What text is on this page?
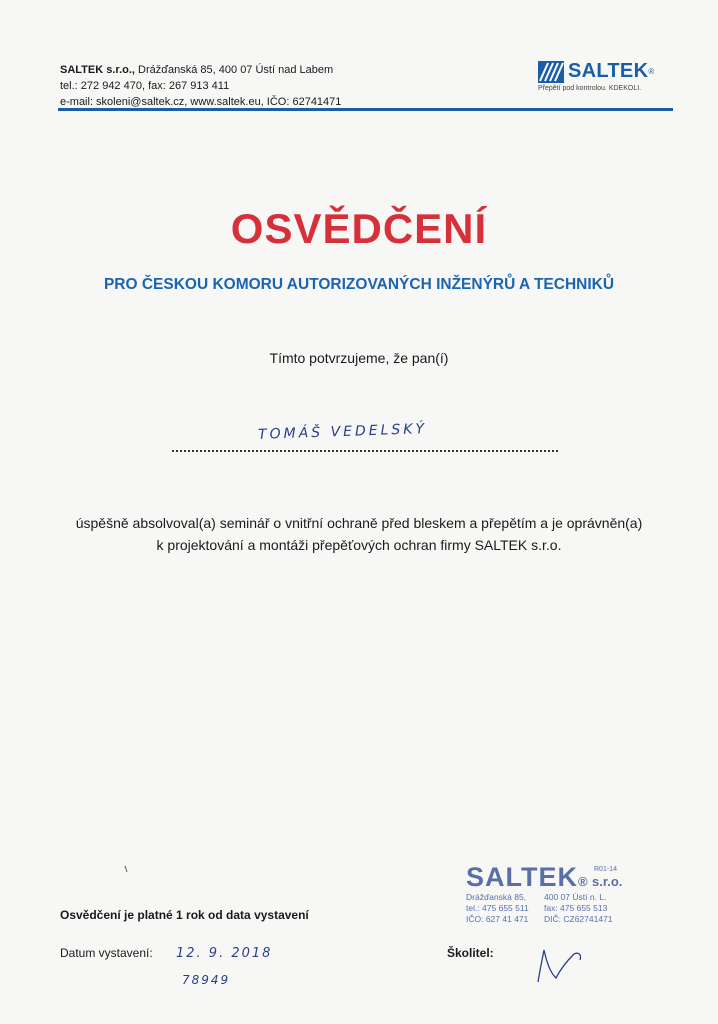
SALTEK s.r.o., Drážďanská 85, 400 07 Ústí nad Labem
tel.: 272 942 470, fax: 267 913 411
e-mail: skoleni@saltek.cz, www.saltek.eu, IČO: 62741471
SALTEK ®
Přepětí pod kontrolou. KDEKOLI.
OSVĚDČENÍ
PRO ČESKOU KOMORU AUTORIZOVANÝCH INŽENÝRŮ A TECHNIKŮ
Tímto potvrzujeme, že pan(í)
TOMÁŠ VEDELSKÝ
úspěšně absolvoval(a) seminář o vnitřní ochraně před bleskem a přepětím a je oprávněn(a)
k projektování a montáži přepěťových ochran firmy SALTEK s.r.o.
Osvědčení je platné 1 rok od data vystavení
Datum vystavení: 12. 9. 2018
78949
Školitel:
SALTEK® s.r.o.
R01-14
Drážďanská 85, 400 07 Ústí n. L.
tel.: 475 655 511 fax: 475 655 513
IČO: 627 41 471 DIČ: CZ62741471
